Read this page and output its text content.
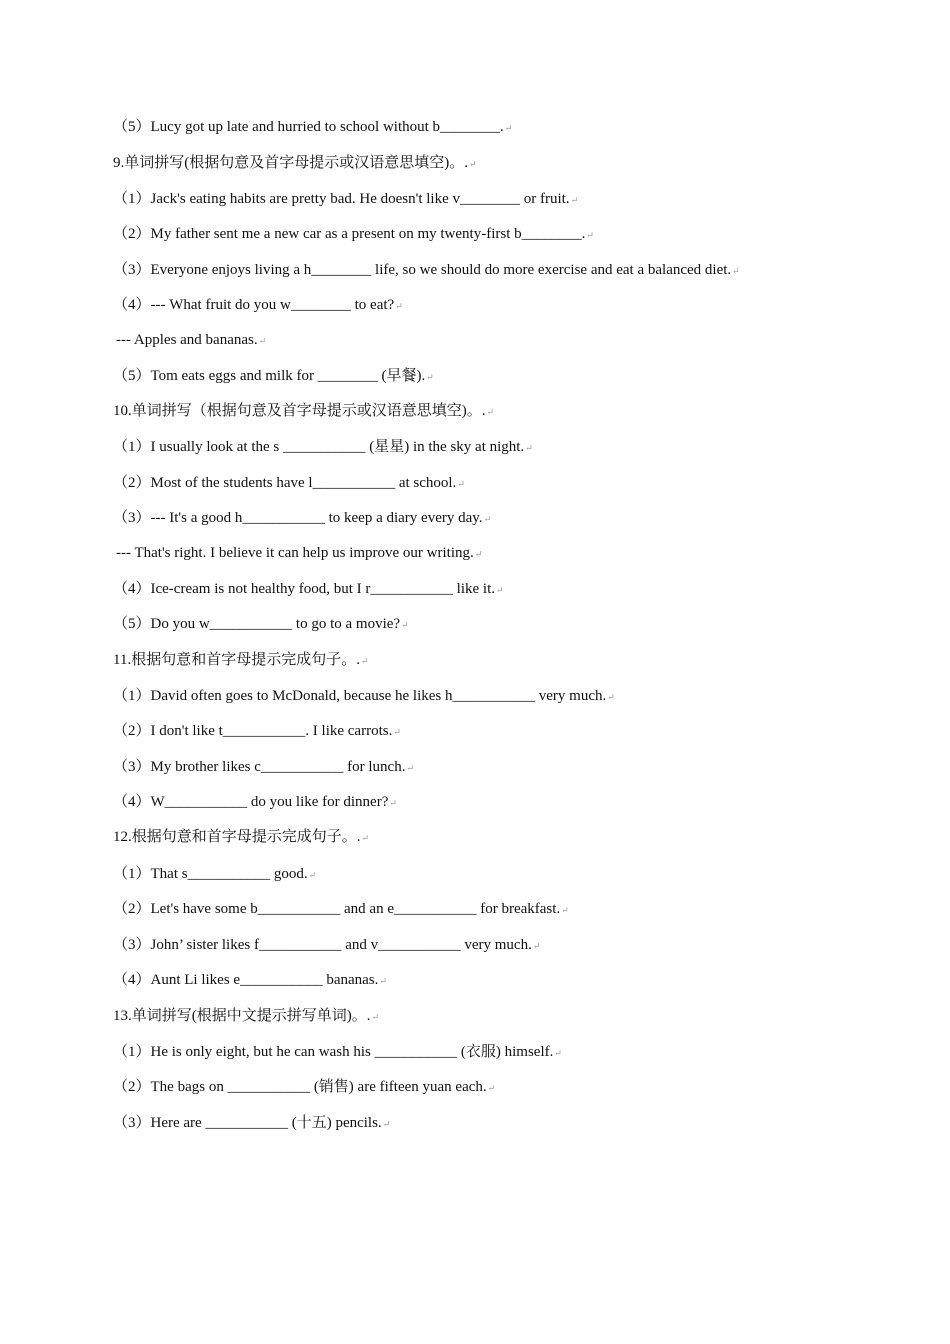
（5）Lucy got up late and hurried to school without b________.↵
9.单词拼写(根据句意及首字母提示或汉语意思填空)。.↵
（1）Jack's eating habits are pretty bad. He doesn't like v________ or fruit.↵
（2）My father sent me a new car as a present on my twenty-first b________.↵
（3）Everyone enjoys living a h________ life, so we should do more exercise and eat a balanced diet.↵
（4）--- What fruit do you w________ to eat?↵
--- Apples and bananas.↵
（5）Tom eats eggs and milk for ________ (早餐).↵
10.单词拼写（根据句意及首字母提示或汉语意思填空)。.↵
（1）I usually look at the s ___________ (星星) in the sky at night.↵
（2）Most of the students have l___________ at school.↵
（3）--- It's a good h___________ to keep a diary every day.↵
--- That's right. I believe it can help us improve our writing.↵
（4）Ice-cream is not healthy food, but I r___________ like it.↵
（5）Do you w___________ to go to a movie?↵
11.根据句意和首字母提示完成句子。.↵
（1）David often goes to McDonald, because he likes h___________ very much.↵
（2）I don't like t___________. I like carrots.↵
（3）My brother likes c___________ for lunch.↵
（4）W___________ do you like for dinner?↵
12.根据句意和首字母提示完成句子。.↵
（1）That s___________ good.↵
（2）Let's have some b___________ and an e___________ for breakfast.↵
（3）John’ sister likes f___________ and v___________ very much.↵
（4）Aunt Li likes e___________ bananas.↵
13.单词拼写(根据中文提示拼写单词)。.↵
（1）He is only eight, but he can wash his ___________ (衣服) himself.↵
（2）The bags on ___________ (销售) are fifteen yuan each.↵
（3）Here are ___________ (十五) pencils.↵
